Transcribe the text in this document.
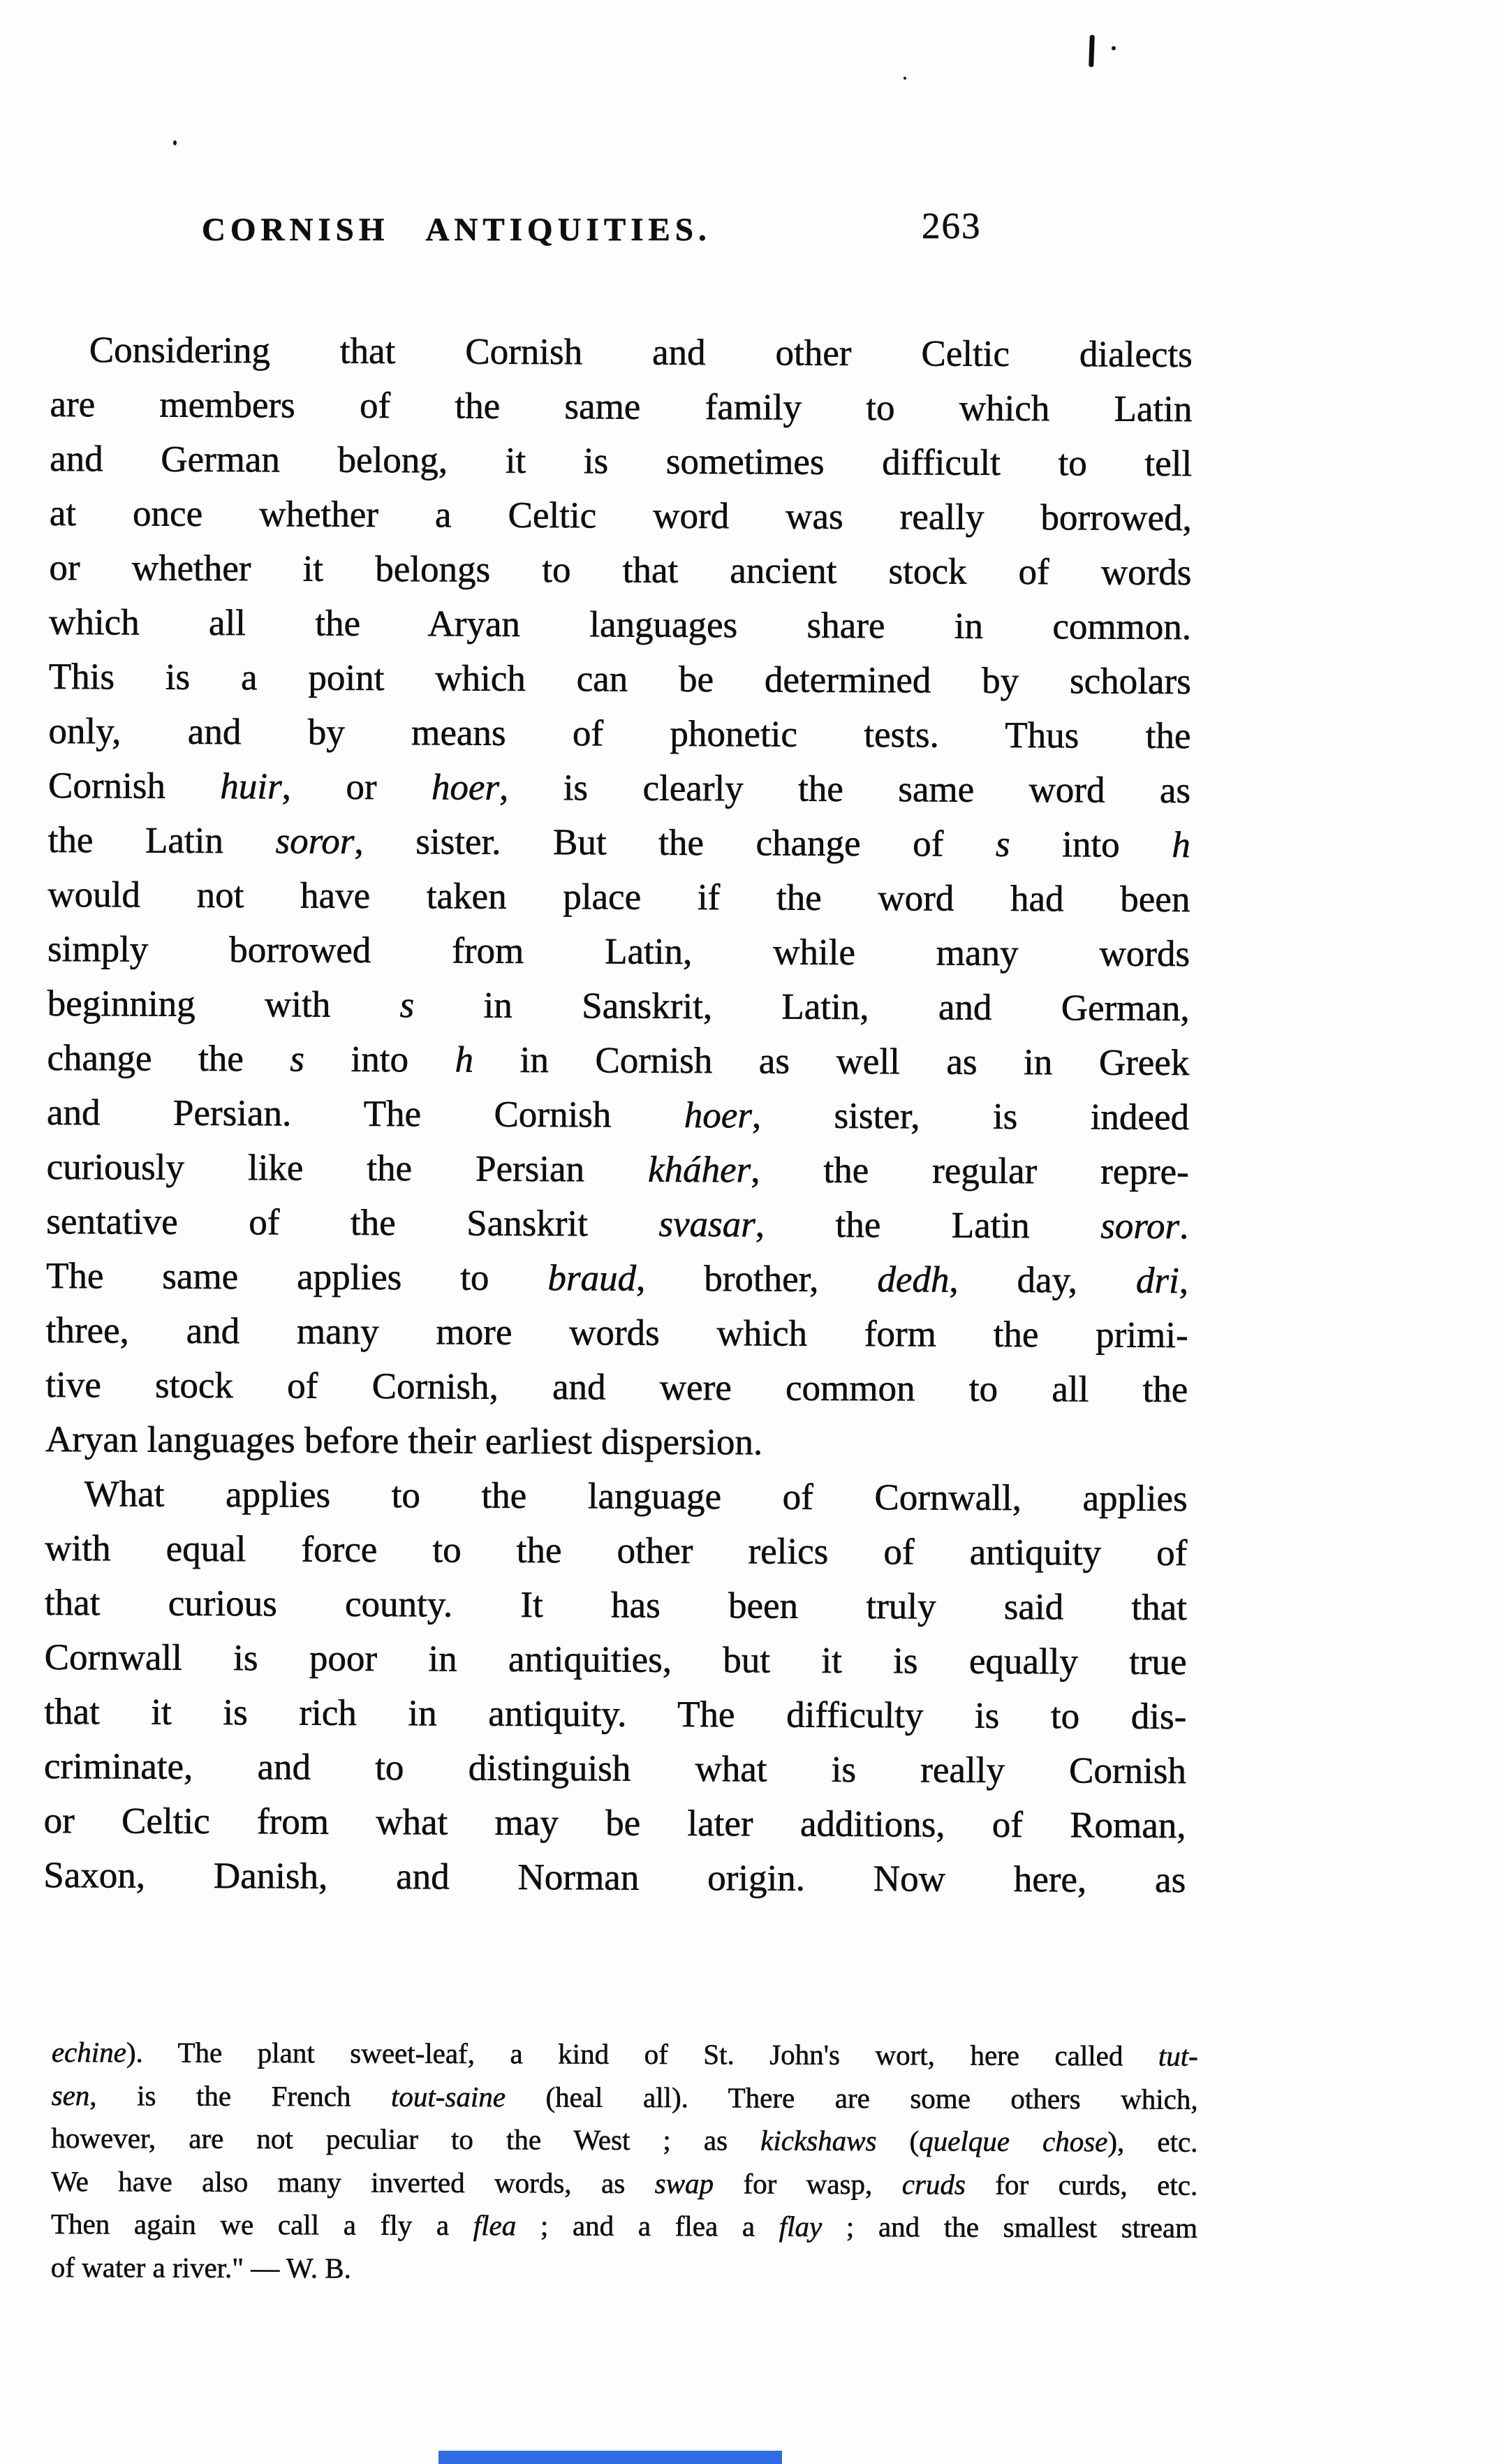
CORNISH ANTIQUITIES.	263
Considering that Cornish and other Celtic dialects
are members of the same family to which Latin
and German belong, it is sometimes difficult to tell
at once whether a Celtic word was really borrowed,
or whether it belongs to that ancient stock of words
which all the Aryan languages share in common.
This is a point which can be determined by scholars
only, and by means of phonetic tests. Thus the
Cornish huir, or hoer, is clearly the same word as
the Latin soror, sister. But the change of s into h
would not have taken place if the word had been
simply borrowed from Latin, while many words
beginning with s in Sanskrit, Latin, and German,
change the s into h in Cornish as well as in Greek
and Persian. The Cornish hoer, sister, is indeed
curiously like the Persian kháher, the regular repre-
sentative of the Sanskrit svasar, the Latin soror.
The same applies to braud, brother, dedh, day, dri,
three, and many more words which form the primi-
tive stock of Cornish, and were common to all the
Aryan languages before their earliest dispersion.
What applies to the language of Cornwall, applies
with equal force to the other relics of antiquity of
that curious county. It has been truly said that
Cornwall is poor in antiquities, but it is equally true
that it is rich in antiquity. The difficulty is to dis-
criminate, and to distinguish what is really Cornish
or Celtic from what may be later additions, of Roman,
Saxon, Danish, and Norman origin. Now here, as
echine). The plant sweet-leaf, a kind of St. John's wort, here called tut-
sen, is the French tout-saine (heal all). There are some others which,
however, are not peculiar to the West ; as kickshaws (quelque chose), etc.
We have also many inverted words, as swap for wasp, cruds for curds, etc.
Then again we call a fly a flea ; and a flea a flay ; and the smallest stream
of water a river." — W. B.
